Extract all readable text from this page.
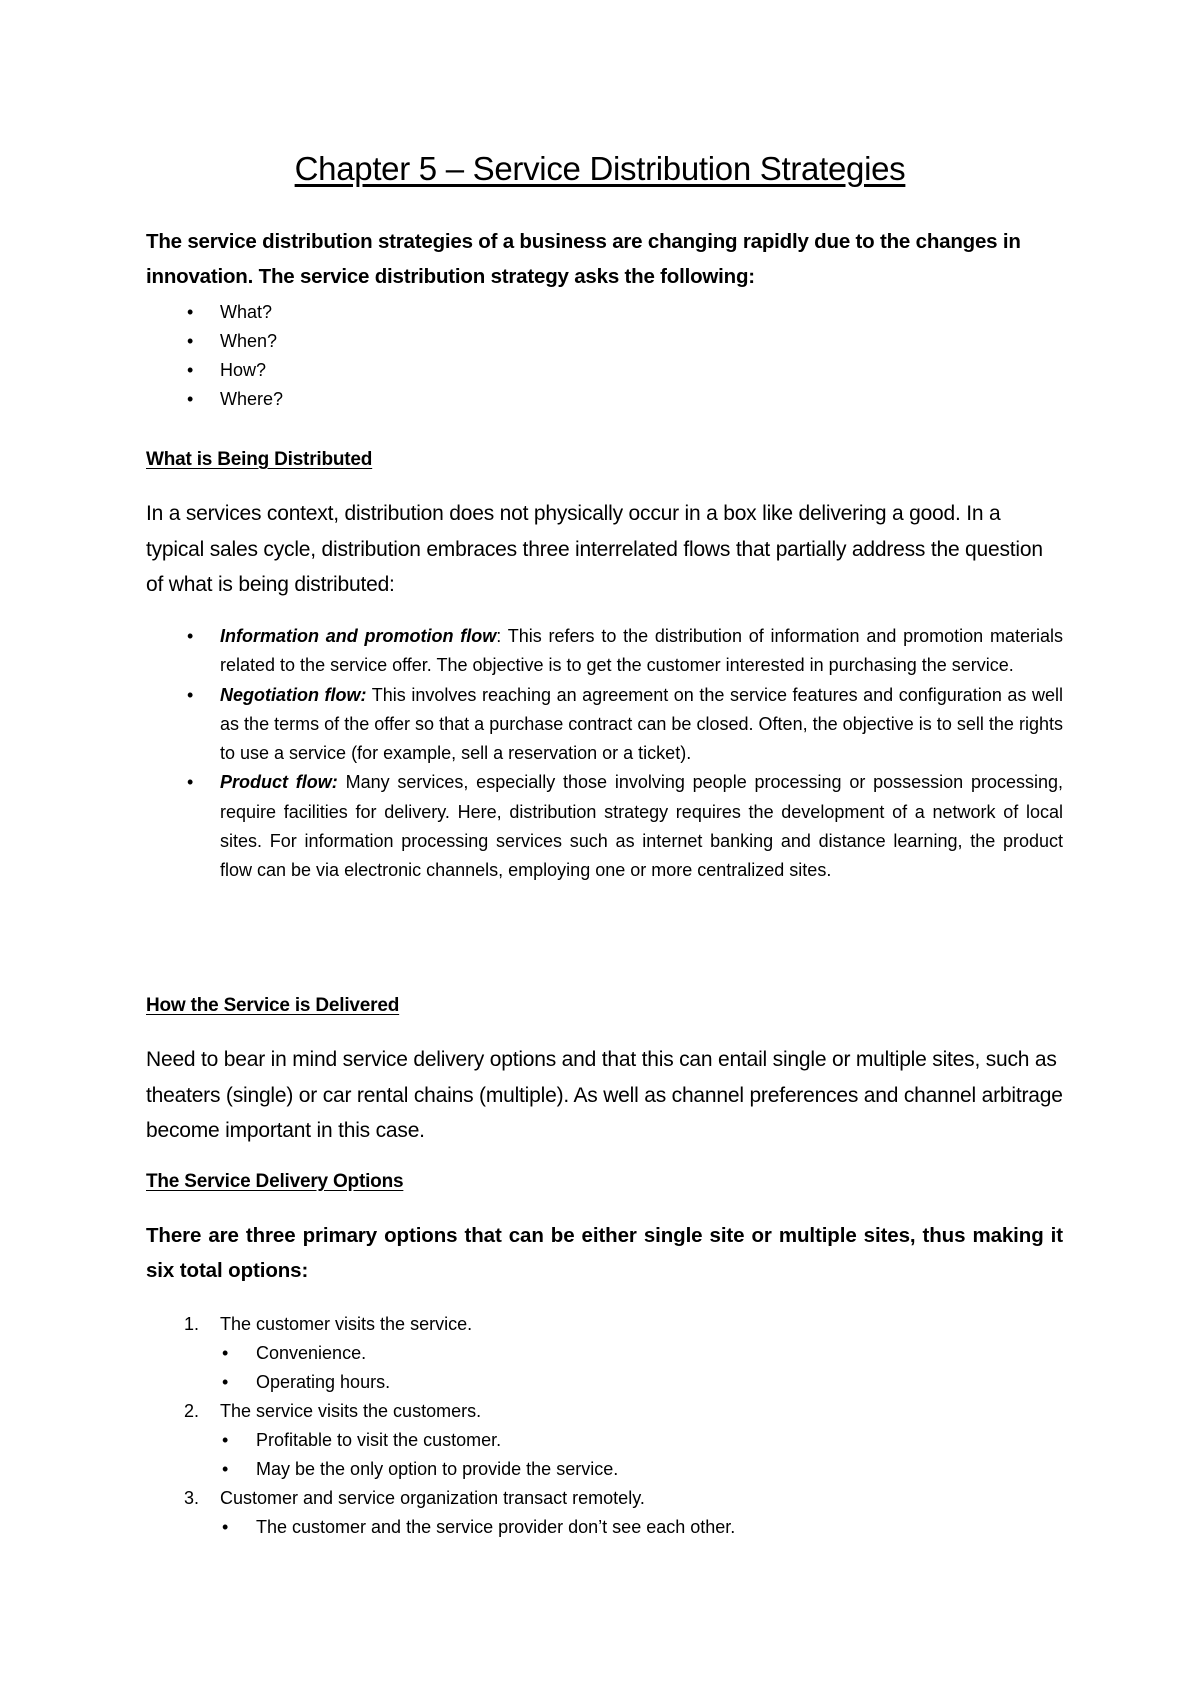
Chapter 5 – Service Distribution Strategies

The service distribution strategies of a business are changing rapidly due to the changes in innovation. The service distribution strategy asks the following:

• What?
• When?
• How?
• Where?
What is Being Distributed

In a services context, distribution does not physically occur in a box like delivering a good. In a typical sales cycle, distribution embraces three interrelated flows that partially address the question of what is being distributed:

• Information and promotion flow: This refers to the distribution of information and promotion materials related to the service offer. The objective is to get the customer interested in purchasing the service.
• Negotiation flow: This involves reaching an agreement on the service features and configuration as well as the terms of the offer so that a purchase contract can be closed. Often, the objective is to sell the rights to use a service (for example, sell a reservation or a ticket).
• Product flow: Many services, especially those involving people processing or possession processing, require facilities for delivery. Here, distribution strategy requires the development of a network of local sites. For information processing services such as internet banking and distance learning, the product flow can be via electronic channels, employing one or more centralized sites.
How the Service is Delivered

Need to bear in mind service delivery options and that this can entail single or multiple sites, such as theaters (single) or car rental chains (multiple). As well as channel preferences and channel arbitrage become important in this case.

The Service Delivery Options

There are three primary options that can be either single site or multiple sites, thus making it six total options:

1. The customer visits the service.
• Convenience.
• Operating hours.
2. The service visits the customers.
• Profitable to visit the customer.
• May be the only option to provide the service.
3. Customer and service organization transact remotely.
• The customer and the service provider don’t see each other.
